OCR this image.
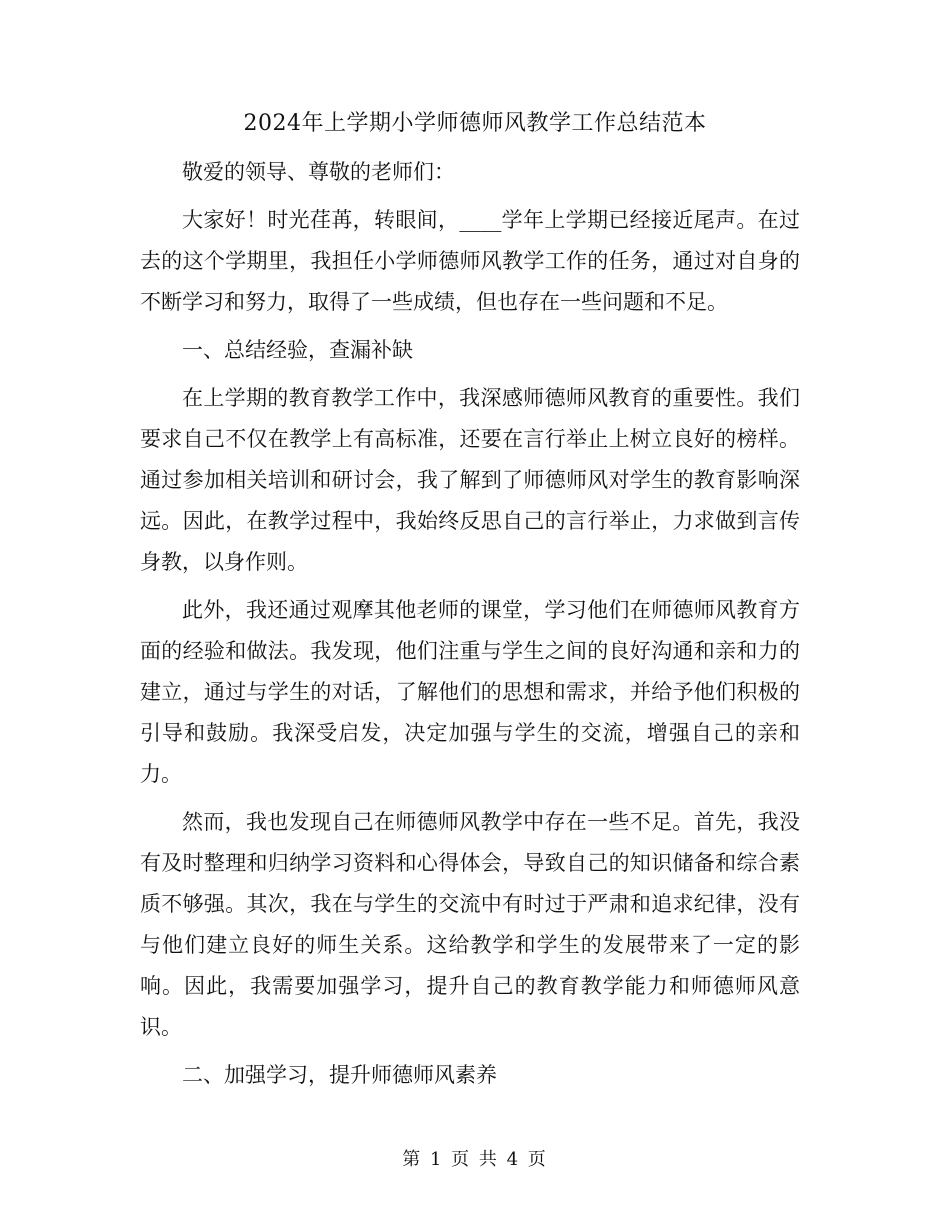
2024年上学期小学师德师风教学工作总结范本

敬爱的领导、尊敬的老师们：

大家好！时光荏苒，转眼间，____学年上学期已经接近尾声。在过去的这个学期里，我担任小学师德师风教学工作的任务，通过对自身的不断学习和努力，取得了一些成绩，但也存在一些问题和不足。

一、总结经验，查漏补缺

在上学期的教育教学工作中，我深感师德师风教育的重要性。我们要求自己不仅在教学上有高标准，还要在言行举止上树立良好的榜样。通过参加相关培训和研讨会，我了解到了师德师风对学生的教育影响深远。因此，在教学过程中，我始终反思自己的言行举止，力求做到言传身教，以身作则。

此外，我还通过观摩其他老师的课堂，学习他们在师德师风教育方面的经验和做法。我发现，他们注重与学生之间的良好沟通和亲和力的建立，通过与学生的对话，了解他们的思想和需求，并给予他们积极的引导和鼓励。我深受启发，决定加强与学生的交流，增强自己的亲和力。

然而，我也发现自己在师德师风教学中存在一些不足。首先，我没有及时整理和归纳学习资料和心得体会，导致自己的知识储备和综合素质不够强。其次，我在与学生的交流中有时过于严肃和追求纪律，没有与他们建立良好的师生关系。这给教学和学生的发展带来了一定的影响。因此，我需要加强学习，提升自己的教育教学能力和师德师风意识。

二、加强学习，提升师德师风素养

第 1 页 共 4 页
